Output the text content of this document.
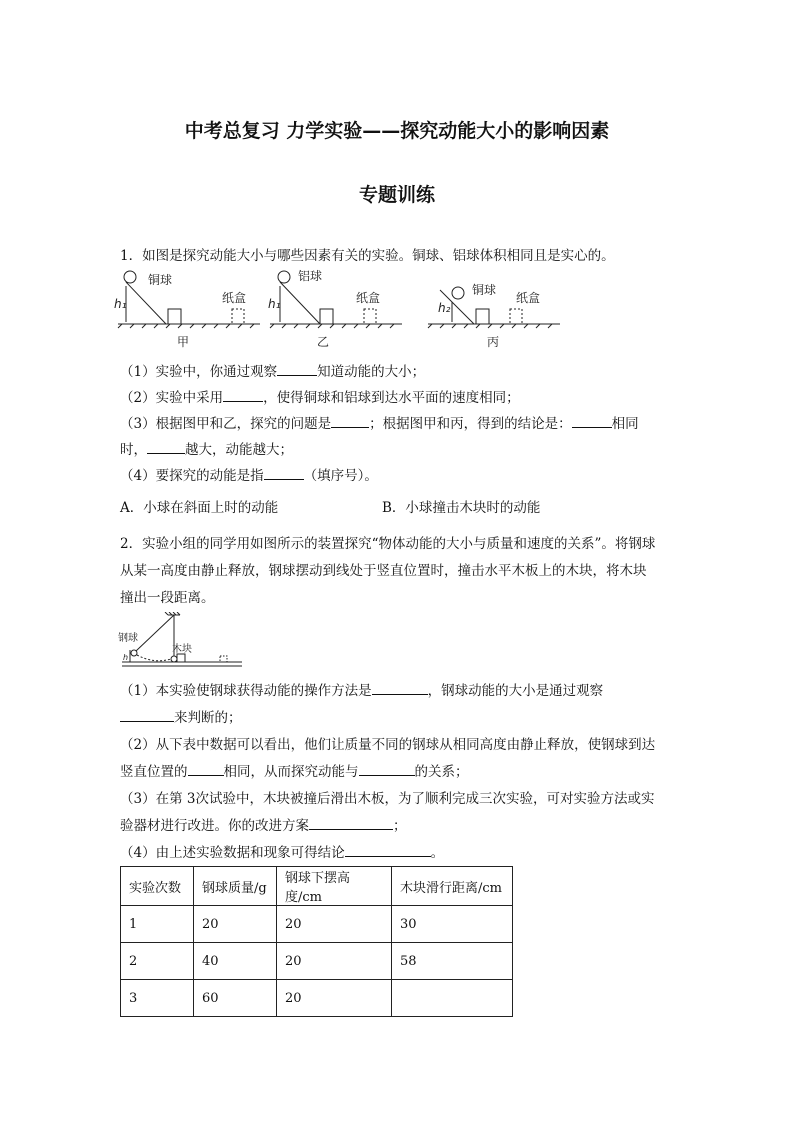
中考总复习 力学实验——探究动能大小的影响因素
专题训练
1．如图是探究动能大小与哪些因素有关的实验。铜球、铝球体积相同且是实心的。
铜球
纸盒
h₁
甲
铝球
纸盒
h₁
乙
铜球
纸盒
h₂
丙
（1）实验中，你通过观察	知道动能的大小；
（2）实验中采用	，使得铜球和铝球到达水平面的速度相同；
（3）根据图甲和乙，探究的问题是	；根据图甲和丙，得到的结论是：	相同
时，	越大，动能越大；
（4）要探究的动能是指	（填序号）。
A．小球在斜面上时的动能	B．小球撞击木块时的动能
2．实验小组的同学用如图所示的装置探究“物体动能的大小与质量和速度的关系”。将钢球
从某一高度由静止释放，钢球摆动到线处于竖直位置时，撞击水平木板上的木块，将木块
撞出一段距离。
钢球
木块
h
（1）本实验使钢球获得动能的操作方法是	，钢球动能的大小是通过观察
来判断的；
（2）从下表中数据可以看出，他们让质量不同的钢球从相同高度由静止释放，使钢球到达
竖直位置的	相同，从而探究动能与	的关系；
（3）在第 3次试验中，木块被撞后滑出木板，为了顺利完成三次实验，可对实验方法或实
验器材进行改进。你的改进方案	；
（4）由上述实验数据和现象可得结论	。
实验次数	钢球质量/g	钢球下摆高度/cm	木块滑行距离/cm
1	20	20	30
2	40	20	58
3	60	20	
